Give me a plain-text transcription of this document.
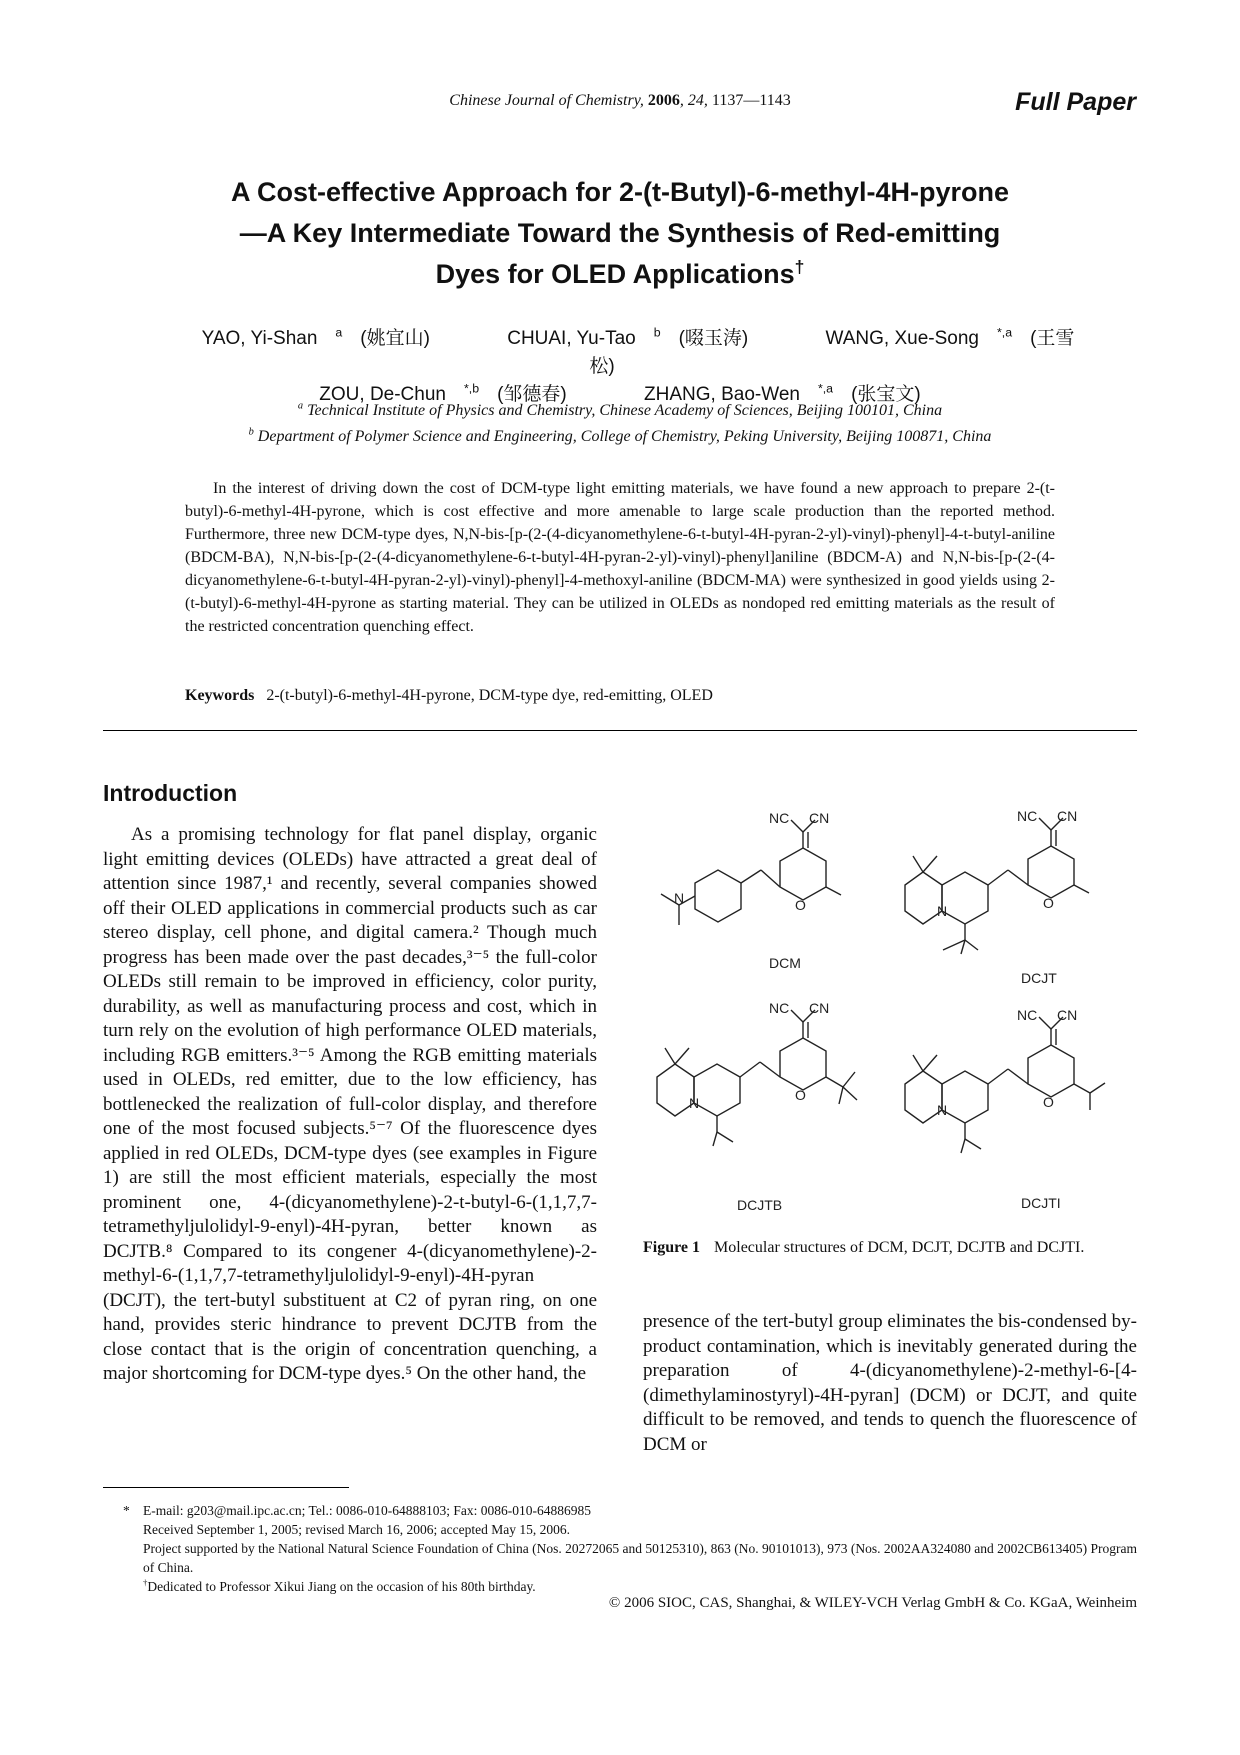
Chinese Journal of Chemistry, 2006, 24, 1137—1143	Full Paper
A Cost-effective Approach for 2-(t-Butyl)-6-methyl-4H-pyrone
—A Key Intermediate Toward the Synthesis of Red-emitting
Dyes for OLED Applications†
YAO, Yi-Shan $^a$ (姚宜山)	CHUAI, Yu-Tao $^b$ (啜玉涛)	WANG, Xue-Song $^{*,a}$ (王雪松)
ZOU, De-Chun $^{*,b}$ (邹德春)	ZHANG, Bao-Wen $^{*,a}$ (张宝文)
$^a$ Technical Institute of Physics and Chemistry, Chinese Academy of Sciences, Beijing 100101, China
$^b$ Department of Polymer Science and Engineering, College of Chemistry, Peking University, Beijing 100871, China
In the interest of driving down the cost of DCM-type light emitting materials, we have found a new approach to prepare 2-(t-butyl)-6-methyl-4H-pyrone, which is cost effective and more amenable to large scale production than the reported method. Furthermore, three new DCM-type dyes, N,N-bis-[p-(2-(4-dicyanomethylene-6-t-butyl-4H-pyran-2-yl)-vinyl)-phenyl]-4-t-butyl-aniline (BDCM-BA), N,N-bis-[p-(2-(4-dicyanomethylene-6-t-butyl-4H-pyran-2-yl)-vinyl)-phenyl]aniline (BDCM-A) and N,N-bis-[p-(2-(4-dicyanomethylene-6-t-butyl-4H-pyran-2-yl)-vinyl)-phenyl]-4-methoxyl-aniline (BDCM-MA) were synthesized in good yields using 2-(t-butyl)-6-methyl-4H-pyrone as starting material. They can be utilized in OLEDs as nondoped red emitting materials as the result of the restricted concentration quenching effect.
Keywords 2-(t-butyl)-6-methyl-4H-pyrone, DCM-type dye, red-emitting, OLED
Introduction
As a promising technology for flat panel display, organic light emitting devices (OLEDs) have attracted a great deal of attention since 1987,¹ and recently, several companies showed off their OLED applications in commercial products such as car stereo display, cell phone, and digital camera.² Though much progress has been made over the past decades,³⁻⁵ the full-color OLEDs still remain to be improved in efficiency, color purity, durability, as well as manufacturing process and cost, which in turn rely on the evolution of high performance OLED materials, including RGB emitters.³⁻⁵ Among the RGB emitting materials used in OLEDs, red emitter, due to the low efficiency, has bottlenecked the realization of full-color display, and therefore one of the most focused subjects.⁵⁻⁷ Of the fluorescence dyes applied in red OLEDs, DCM-type dyes (see examples in Figure 1) are still the most efficient materials, especially the most prominent one, 4-(dicyanomethylene)-2-t-butyl-6-(1,1,7,7-tetramethyljulolidyl-9-enyl)-4H-pyran, better known as DCJTB.⁸ Compared to its congener 4-(dicyanomethylene)-2-methyl-6-(1,1,7,7-tetramethyljulolidyl-9-enyl)-4H-pyran (DCJT), the tert-butyl substituent at C2 of pyran ring, on one hand, provides steric hindrance to prevent DCJTB from the close contact that is the origin of concentration quenching, a major shortcoming for DCM-type dyes.⁵ On the other hand, the
NC CN
O
N
NC CN
O
N
NC CN
O
N
NC CN
O
N
DCM
DCJT
DCJTB	DCJTI
Figure 1 Molecular structures of DCM, DCJT, DCJTB and DCJTI.
presence of the tert-butyl group eliminates the bis-condensed by-product contamination, which is inevitably generated during the preparation of 4-(dicyanomethylene)-2-methyl-6-[4-(dimethylaminostyryl)-4H-pyran] (DCM) or DCJT, and quite difficult to be removed, and tends to quench the fluorescence of DCM or
* E-mail: g203@mail.ipc.ac.cn; Tel.: 0086-010-64888103; Fax: 0086-010-64886985
Received September 1, 2005; revised March 16, 2006; accepted May 15, 2006.
Project supported by the National Natural Science Foundation of China (Nos. 20272065 and 50125310), 863 (No. 90101013), 973 (Nos. 2002AA324080 and 2002CB613405) Program of China.
†Dedicated to Professor Xikui Jiang on the occasion of his 80th birthday.
© 2006 SIOC, CAS, Shanghai, & WILEY-VCH Verlag GmbH & Co. KGaA, Weinheim
